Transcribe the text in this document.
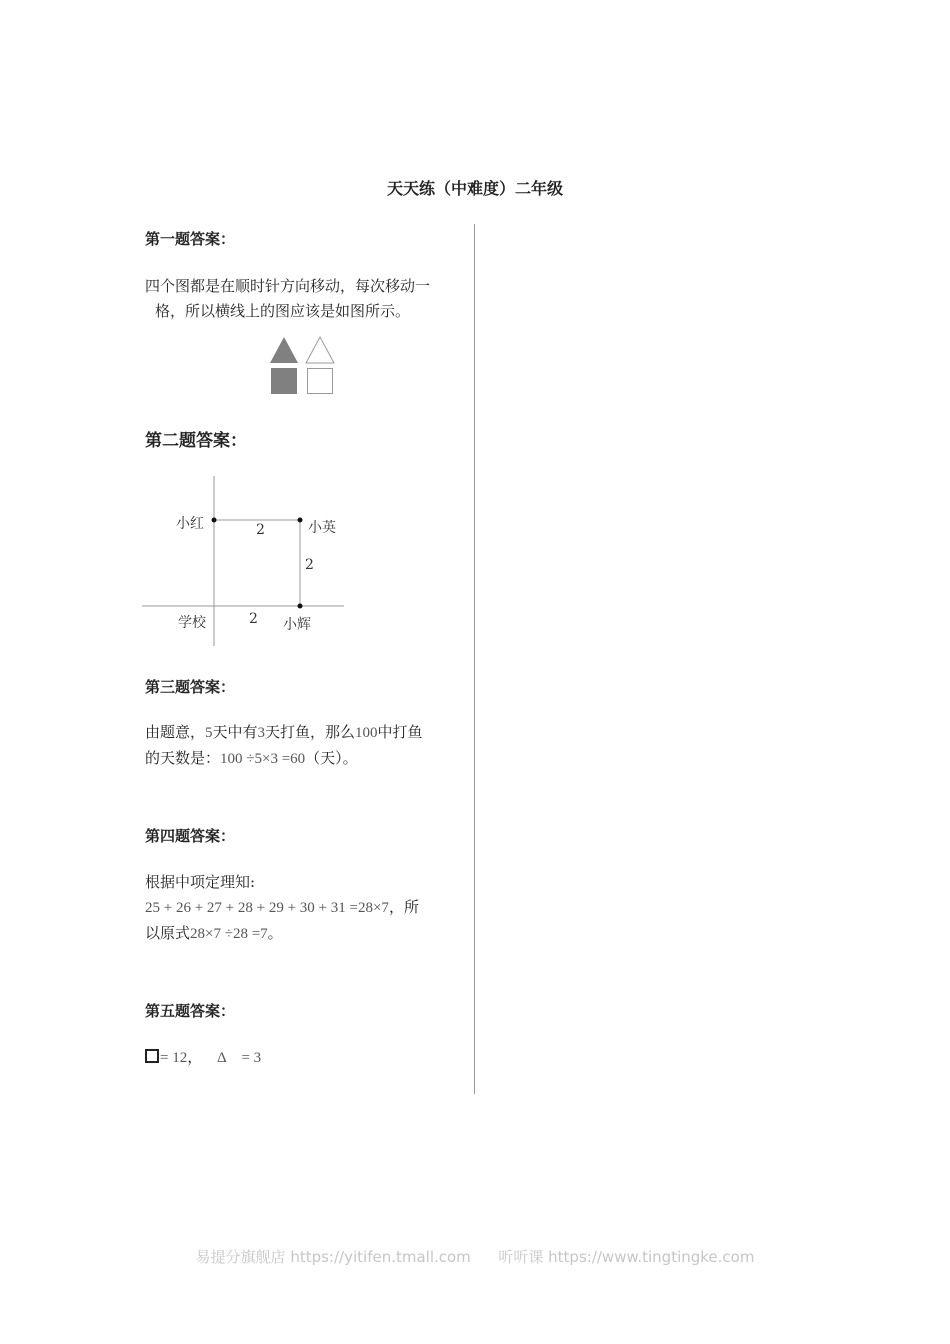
天天练（中难度）二年级
第一题答案：
四个图都是在顺时针方向移动，每次移动一
格，所以横线上的图应该是如图所示。
第二题答案：
小红	小英
学校	小辉
2
2
2
第三题答案：
由题意，5天中有3天打鱼，那么100中打鱼
的天数是：100 ÷5×3 =60（天）。
第四题答案：
根据中项定理知:
25 + 26 + 27 + 28 + 29 + 30 + 31 =28×7，所
以原式28×7 ÷28 =7。
第五题答案：
= 12， Δ = 3
易提分旗舰店 https://yitifen.tmall.com 听听课 https://www.tingtingke.com
